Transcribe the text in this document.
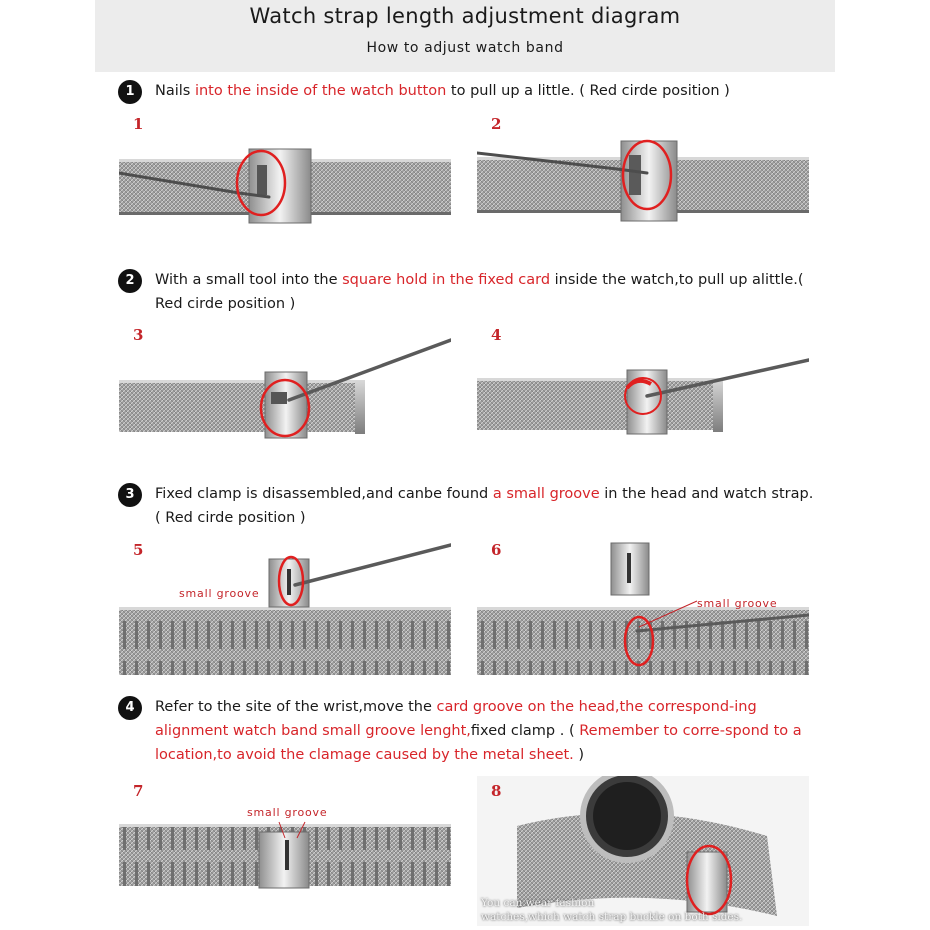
Watch strap length adjustment diagram
How to adjust watch band
1	Nails into the inside of the watch button to pull up a little. ( Red cirde position )
2	With a small tool into the square hold in the fixed card inside the watch,to pull up alittle.( Red cirde position )
3	Fixed clamp is disassembled,and canbe found a small groove in the head and watch strap.( Red cirde position )
4	Refer to the site of the wrist,move the card groove on the head,the correspond-ing alignment watch band small groove lenght,fixed clamp . ( Remember to corre-spond to a location,to avoid the clamage caused by the metal sheet. )
1	2
3	4
5
small groove
6
small groove
7
small groove
8
You can wear fashion
watches,which watch strap buckle on both sides.
